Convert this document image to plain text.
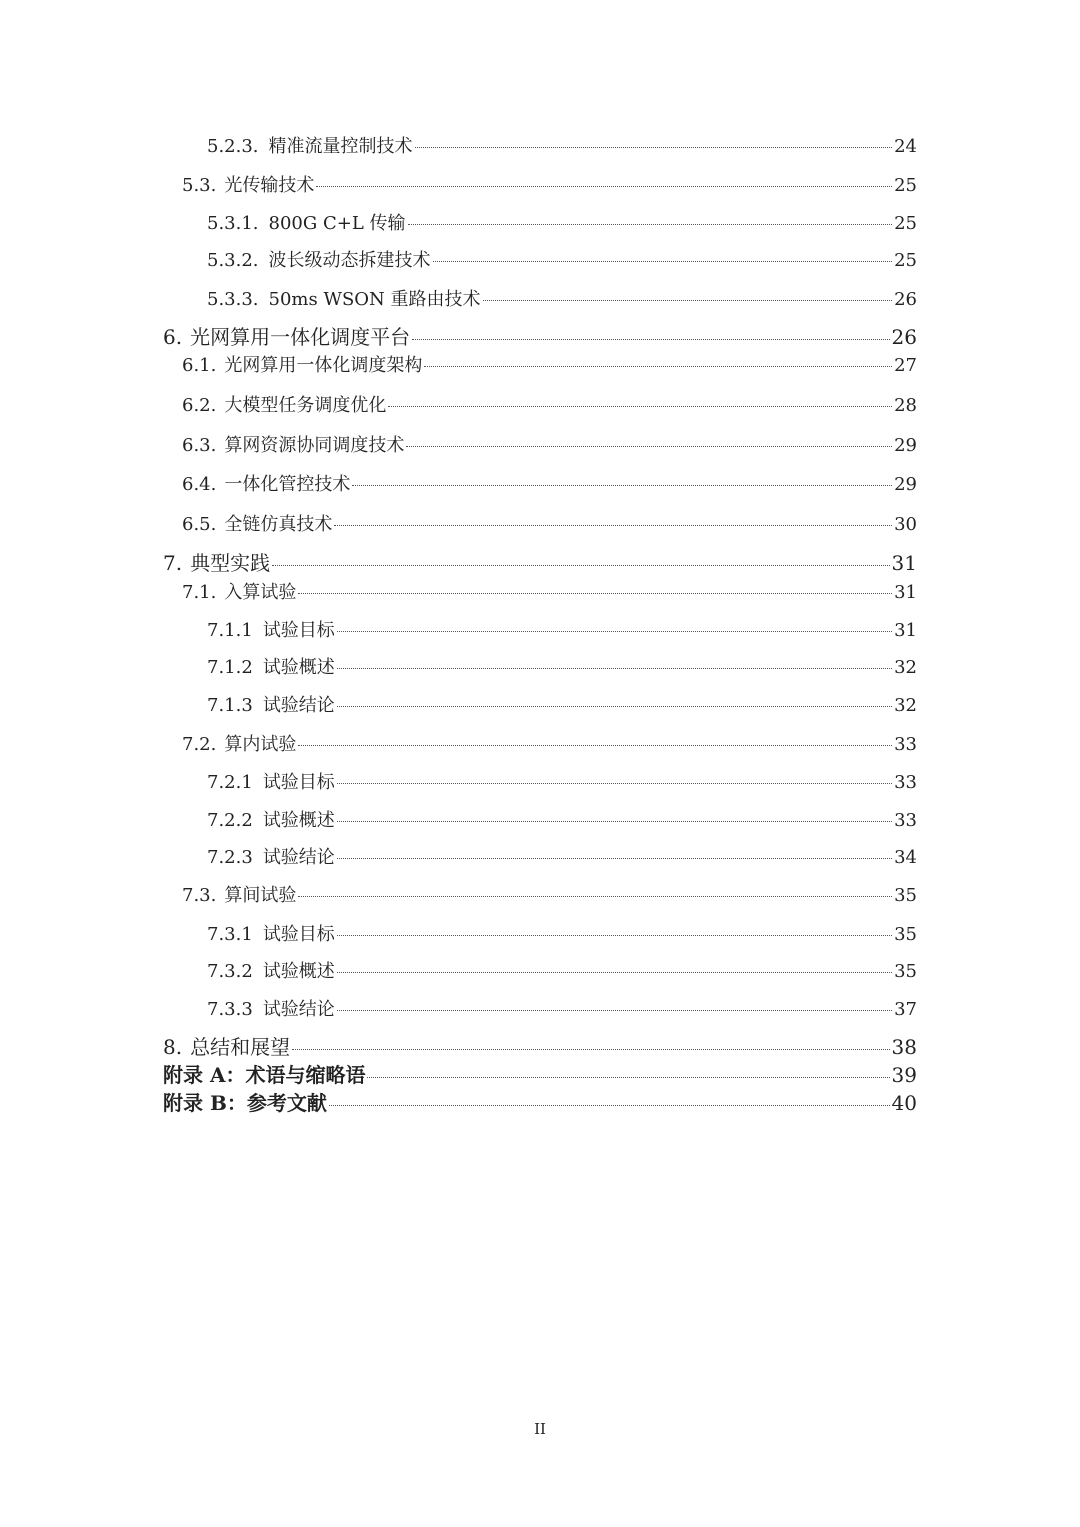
5.2.3. 精准流量控制技术	24
5.3. 光传输技术	25
5.3.1. 800G C+L 传输	25
5.3.2. 波长级动态拆建技术	25
5.3.3. 50ms WSON 重路由技术	26
6. 光网算用一体化调度平台	26
6.1. 光网算用一体化调度架构	27
6.2. 大模型任务调度优化	28
6.3. 算网资源协同调度技术	29
6.4. 一体化管控技术	29
6.5. 全链仿真技术	30
7. 典型实践	31
7.1. 入算试验	31
7.1.1 试验目标	31
7.1.2 试验概述	32
7.1.3 试验结论	32
7.2. 算内试验	33
7.2.1 试验目标	33
7.2.2 试验概述	33
7.2.3 试验结论	34
7.3. 算间试验	35
7.3.1 试验目标	35
7.3.2 试验概述	35
7.3.3 试验结论	37
8. 总结和展望	38
附录 A：术语与缩略语	39
附录 B：参考文献	40
II
